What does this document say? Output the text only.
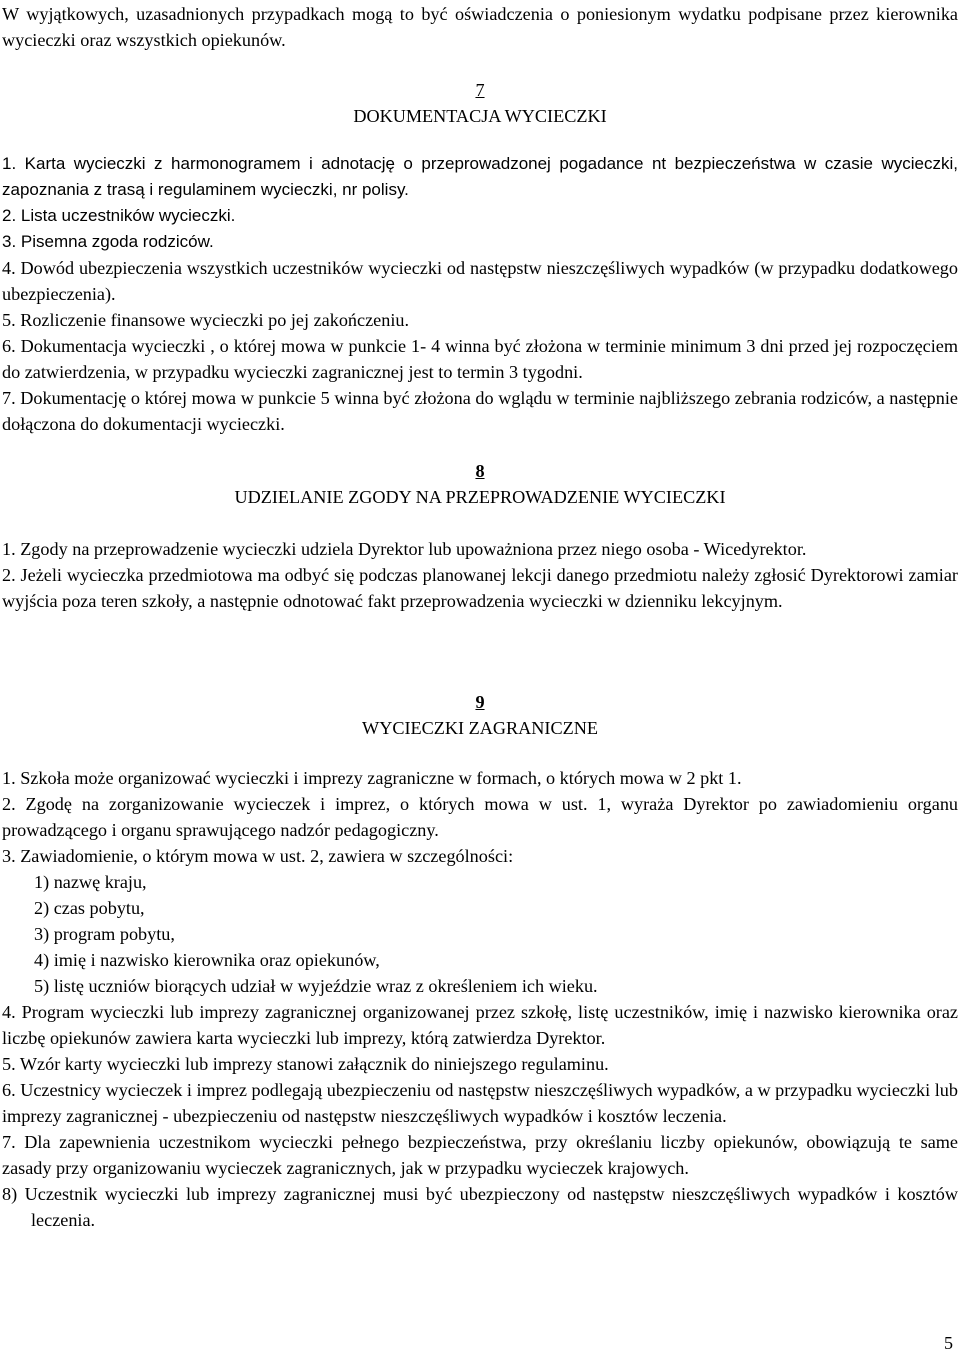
W wyjątkowych, uzasadnionych przypadkach mogą to być oświadczenia o poniesionym wydatku podpisane przez kierownika wycieczki oraz wszystkich opiekunów.

7
DOKUMENTACJA WYCIECZKI

1. Karta wycieczki z harmonogramem i adnotację o przeprowadzonej pogadance nt bezpieczeństwa w czasie wycieczki, zapoznania z trasą i regulaminem wycieczki, nr polisy.

2. Lista uczestników wycieczki.

3. Pisemna zgoda rodziców.

4. Dowód ubezpieczenia wszystkich uczestników wycieczki od następstw nieszczęśliwych wypadków (w przypadku dodatkowego ubezpieczenia).

5. Rozliczenie finansowe wycieczki po jej zakończeniu.

6. Dokumentacja wycieczki , o której mowa w punkcie 1- 4 winna być złożona w terminie minimum 3 dni przed jej rozpoczęciem do zatwierdzenia, w przypadku wycieczki zagranicznej jest to termin 3 tygodni.

7. Dokumentację o której mowa w punkcie 5 winna być złożona do wglądu w terminie najbliższego zebrania rodziców, a następnie dołączona do dokumentacji wycieczki.

8
UDZIELANIE ZGODY NA PRZEPROWADZENIE WYCIECZKI

1. Zgody na przeprowadzenie wycieczki udziela Dyrektor lub upoważniona przez niego osoba - Wicedyrektor.

2. Jeżeli wycieczka przedmiotowa ma odbyć się podczas planowanej lekcji danego przedmiotu należy zgłosić Dyrektorowi zamiar wyjścia poza teren szkoły, a następnie odnotować fakt przeprowadzenia wycieczki w dzienniku lekcyjnym.

9
WYCIECZKI ZAGRANICZNE

1. Szkoła może organizować wycieczki i imprezy zagraniczne w formach, o których mowa w 2 pkt 1.

2. Zgodę na zorganizowanie wycieczek i imprez, o których mowa w ust. 1, wyraża Dyrektor po zawiadomieniu organu prowadzącego i organu sprawującego nadzór pedagogiczny.

3. Zawiadomienie, o którym mowa w ust. 2, zawiera w szczególności:

1) nazwę kraju,

2) czas pobytu,

3) program pobytu,

4) imię i nazwisko kierownika oraz opiekunów,

5) listę uczniów biorących udział w wyjeździe wraz z określeniem ich wieku.

4. Program wycieczki lub imprezy zagranicznej organizowanej przez szkołę, listę uczestników, imię i nazwisko kierownika oraz liczbę opiekunów zawiera karta wycieczki lub imprezy, którą zatwierdza Dyrektor.

5. Wzór karty wycieczki lub imprezy stanowi załącznik do niniejszego regulaminu.

6. Uczestnicy wycieczek i imprez podlegają ubezpieczeniu od następstw nieszczęśliwych wypadków, a w przypadku wycieczki lub imprezy zagranicznej - ubezpieczeniu od następstw nieszczęśliwych wypadków i kosztów leczenia.

7. Dla zapewnienia uczestnikom wycieczki pełnego bezpieczeństwa, przy określaniu liczby opiekunów, obowiązują te same zasady przy organizowaniu wycieczek zagranicznych, jak w przypadku wycieczek krajowych.

8) Uczestnik wycieczki lub imprezy zagranicznej musi być ubezpieczony od następstw nieszczęśliwych wypadków i kosztów leczenia.

5
